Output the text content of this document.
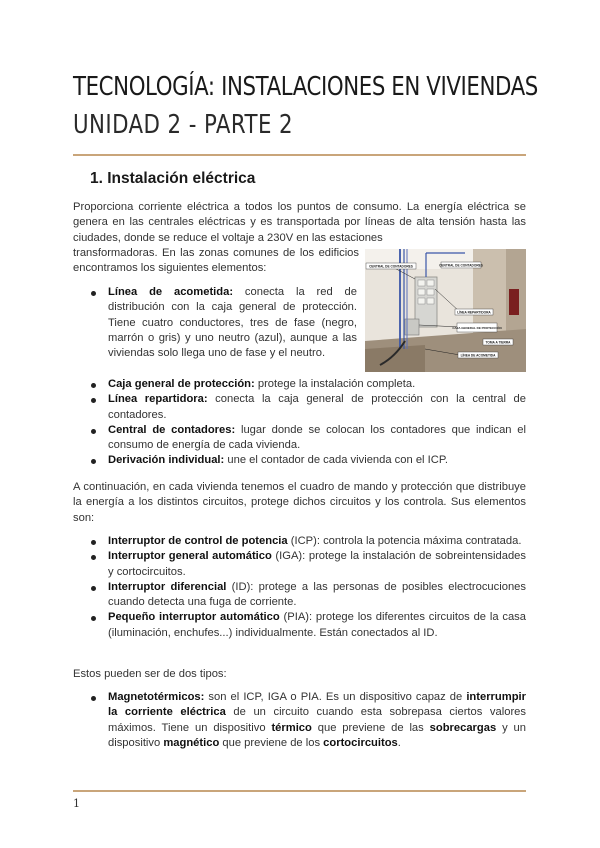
TECNOLOGÍA: INSTALACIONES EN VIVIENDAS
UNIDAD 2 - PARTE 2
1. Instalación eléctrica

Proporciona corriente eléctrica a todos los puntos de consumo. La energía eléctrica se genera en las centrales eléctricas y es transportada por líneas de alta tensión hasta las ciudades, donde se reduce el voltaje a 230V en las estaciones

transformadoras. En las zonas comunes de los edificios encontramos los siguientes elementos:	CENTRAL DE CONTADORES	CENTRAL DE CONTADORES
LÍNEA REPARTIDORA
CAJA GENERAL DE PROTECCIÓN
TOMA A TIERRA
LÍNEA DE ACOMETIDA
Línea de acometida: conecta la red de distribución con la caja general de protección. Tiene cuatro conductores, tres de fase (negro, marrón o gris) y uno neutro (azul), aunque a las viviendas solo llega uno de fase y el neutro.
Caja general de protección: protege la instalación completa.
Línea repartidora: conecta la caja general de protección con la central de contadores.
Central de contadores: lugar donde se colocan los contadores que indican el consumo de energía de cada vivienda.
Derivación individual: une el contador de cada vivienda con el ICP.

A continuación, en cada vivienda tenemos el cuadro de mando y protección que distribuye la energía a los distintos circuitos, protege dichos circuitos y los controla. Sus elementos son:

Interruptor de control de potencia (ICP): controla la potencia máxima contratada.
Interruptor general automático (IGA): protege la instalación de sobreintensidades y cortocircuitos.
Interruptor diferencial (ID): protege a las personas de posibles electrocuciones cuando detecta una fuga de corriente.
Pequeño interruptor automático (PIA): protege los diferentes circuitos de la casa (iluminación, enchufes...) individualmente. Están conectados al ID.

Estos pueden ser de dos tipos:

Magnetotérmicos: son el ICP, IGA o PIA. Es un dispositivo capaz de interrumpir la corriente eléctrica de un circuito cuando esta sobrepasa ciertos valores máximos. Tiene un dispositivo térmico que previene de las sobrecargas y un dispositivo magnético que previene de los cortocircuitos.
1
